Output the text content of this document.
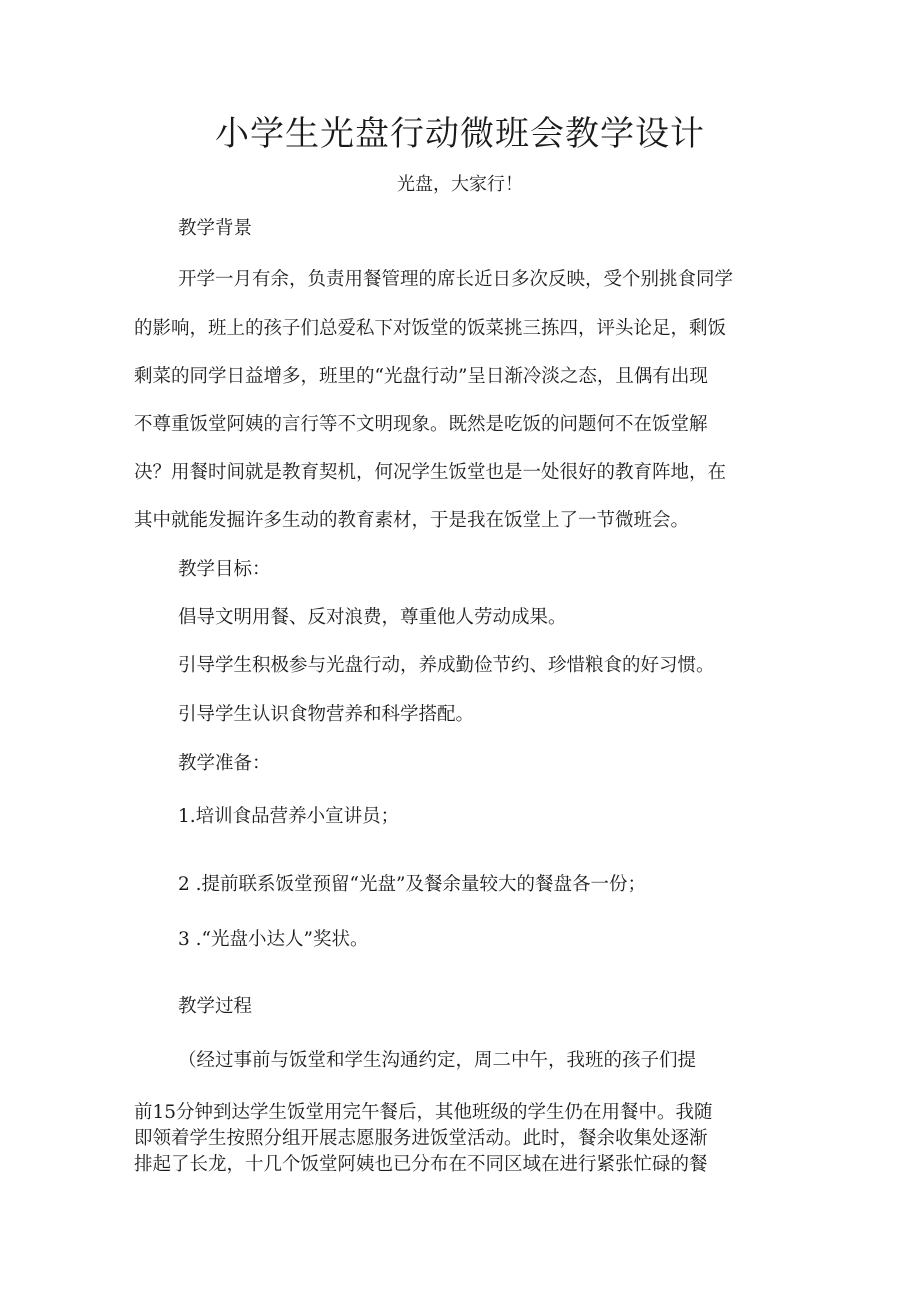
小学生光盘行动微班会教学设计
光盘，大家行！
教学背景
开学一月有余，负责用餐管理的席长近日多次反映，受个别挑食同学
的影响，班上的孩子们总爱私下对饭堂的饭菜挑三拣四，评头论足，剩饭
剩菜的同学日益增多，班里的“光盘行动”呈日渐冷淡之态，且偶有出现
不尊重饭堂阿姨的言行等不文明现象。既然是吃饭的问题何不在饭堂解
决？用餐时间就是教育契机，何况学生饭堂也是一处很好的教育阵地，在
其中就能发掘许多生动的教育素材，于是我在饭堂上了一节微班会。
教学目标：
倡导文明用餐、反对浪费，尊重他人劳动成果。
引导学生积极参与光盘行动，养成勤俭节约、珍惜粮食的好习惯。
引导学生认识食物营养和科学搭配。
教学准备：
1.培训食品营养小宣讲员；
2 .提前联系饭堂预留“光盘”及餐余量较大的餐盘各一份；
3 .“光盘小达人”奖状。
教学过程
（经过事前与饭堂和学生沟通约定，周二中午，我班的孩子们提
前15分钟到达学生饭堂用完午餐后，其他班级的学生仍在用餐中。我随
即领着学生按照分组开展志愿服务进饭堂活动。此时，餐余收集处逐渐
排起了长龙，十几个饭堂阿姨也已分布在不同区域在进行紧张忙碌的餐
